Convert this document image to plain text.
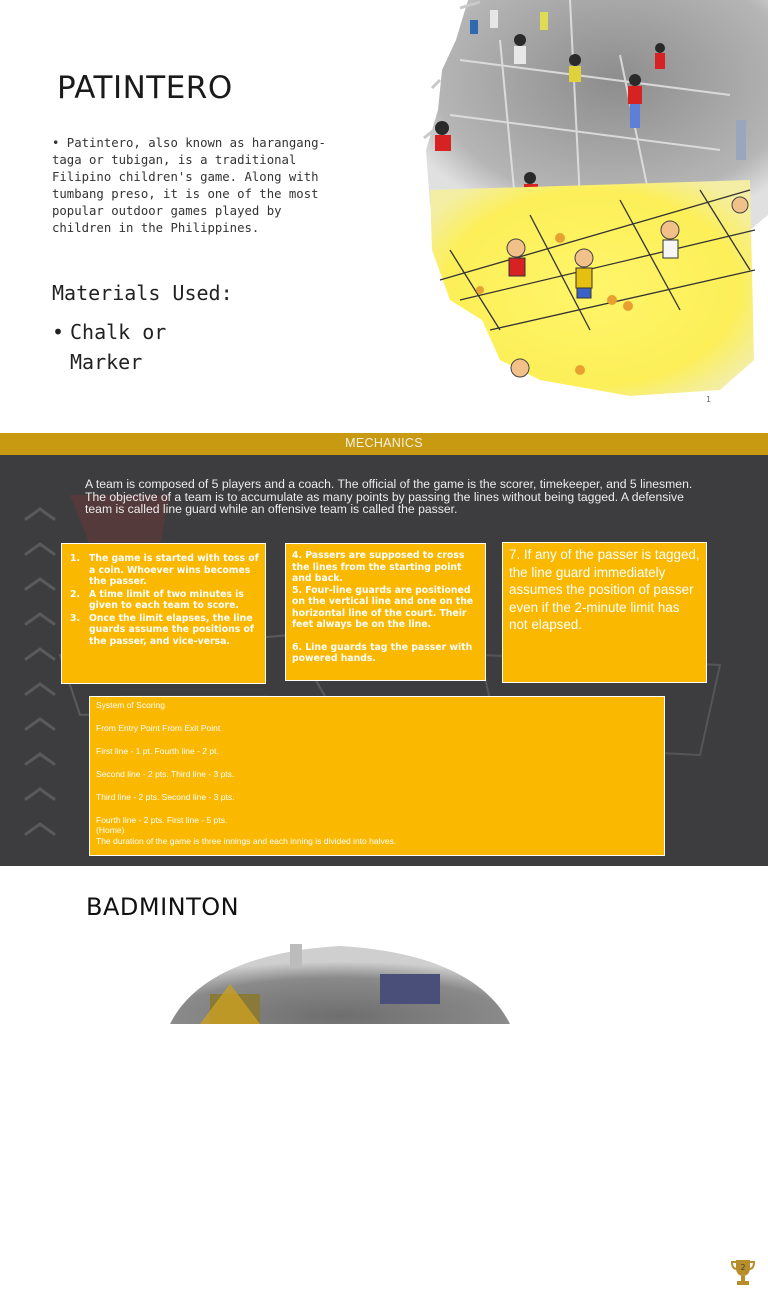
PATINTERO

• Patintero, also known as harangang-taga or tubigan, is a traditional Filipino children's game. Along with tumbang preso, it is one of the most popular outdoor games played by children in the Philippines.

Materials Used:
• Chalk or Marker
1
MECHANICS
2

A team is composed of 5 players and a coach. The official of the game is the scorer, timekeeper, and 5 linesmen. The objective of a team is to accumulate as many points by passing the lines without being tagged. A defensive team is called line guard while an offensive team is called the passer.

1. The game is started with toss of a coin. Whoever wins becomes the passer.
2. A time limit of two minutes is given to each team to score.
3. Once the limit elapses, the line guards assume the positions of the passer, and vice-versa.

4. Passers are supposed to cross the lines from the starting point and back.

5. Four-line guards are positioned on the vertical line and one on the horizontal line of the court. Their feet always be on the line.

6. Line guards tag the passer with powered hands.

7. If any of the passer is tagged, the line guard immediately assumes the position of passer even if the 2-minute limit has not elapsed.

System of Scoring
From Entry Point From Exit Point
First line - 1 pt. Fourth line - 2 pt.
Second line - 2 pts. Third line - 3 pts.
Third line - 2 pts. Second line - 3 pts.
Fourth line - 2 pts. First line - 5 pts.
(Home)
The duration of the game is three innings and each inning is divided into halves.
BADMINTON
